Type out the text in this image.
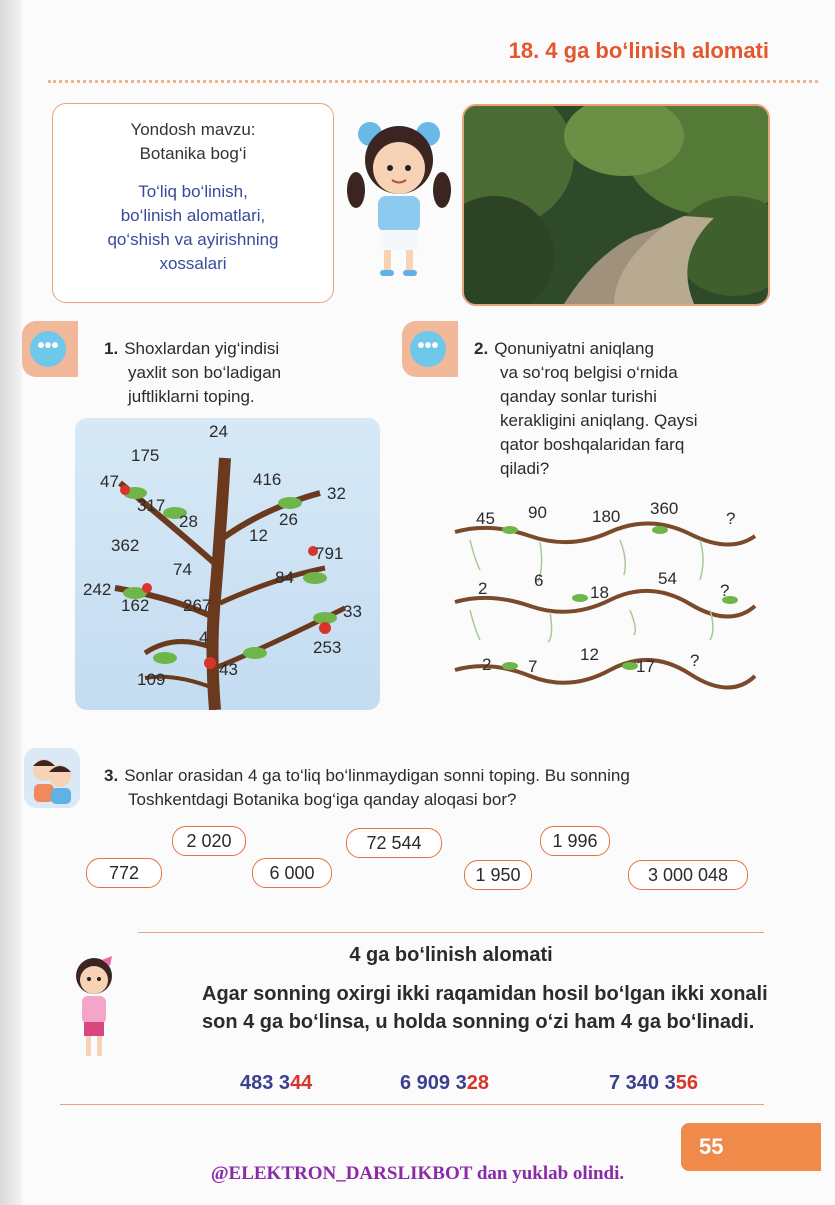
18. 4 ga bo‘linish alomati
Yondosh mavzu:
Botanika bog‘i
To‘liq bo‘linish,
bo‘linish alomatlari,
qo‘shish va ayirishning
xossalari
•••	1. Shoxlardan yig‘indisi
yaxlit son bo‘ladigan
juftliklarni toping.
24
175
47
317
28
416
32
26
12
362	791
74	84
242
162 267	33
4
253
109
43
•••	2. Qonuniyatni aniqlang
va so‘roq belgisi o‘rnida
qanday sonlar turishi
kerakligini aniqlang. Qaysi
qator boshqalaridan farq
qiladi?
45 90	180 360
?
2	6
18
54
?
2 7
12
17 ?
3. Sonlar orasidan 4 ga to‘liq bo‘linmaydigan sonni toping. Bu sonning
Toshkentdagi Botanika bog‘iga qanday aloqasi bor?
2 020	72 544	1 996
772	6 000	1 950	3 000 048
4 ga bo‘linish alomati
Agar sonning oxirgi ikki raqamidan hosil bo‘lgan ikki xonali son 4 ga bo‘linsa, u holda sonning o‘zi ham 4 ga bo‘linadi.
483 344	6 909 328	7 340 356
55
@ELEKTRON_DARSLIKBOT dan yuklab olindi.
